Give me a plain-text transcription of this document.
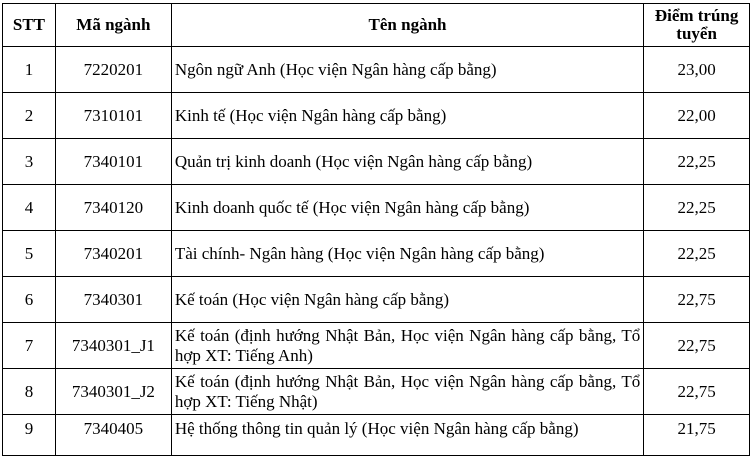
STT	Mã ngành	Tên ngành	Điểm trúng tuyển
1	7220201	Ngôn ngữ Anh (Học viện Ngân hàng cấp bằng)	23,00
2	7310101	Kinh tế (Học viện Ngân hàng cấp bằng)	22,00
3	7340101	Quản trị kinh doanh (Học viện Ngân hàng cấp bằng)	22,25
4	7340120	Kinh doanh quốc tế (Học viện Ngân hàng cấp bằng)	22,25
5	7340201	Tài chính- Ngân hàng (Học viện Ngân hàng cấp bằng)	22,25
6	7340301	Kế toán (Học viện Ngân hàng cấp bằng)	22,75
7	7340301_J1	Kế toán (định hướng Nhật Bản, Học viện Ngân hàng cấp bằng, Tổ hợp XT: Tiếng Anh)	22,75
8	7340301_J2	Kế toán (định hướng Nhật Bản, Học viện Ngân hàng cấp bằng, Tổ hợp XT: Tiếng Nhật)	22,75
9	7340405	Hệ thống thông tin quản lý (Học viện Ngân hàng cấp bằng)	21,75
